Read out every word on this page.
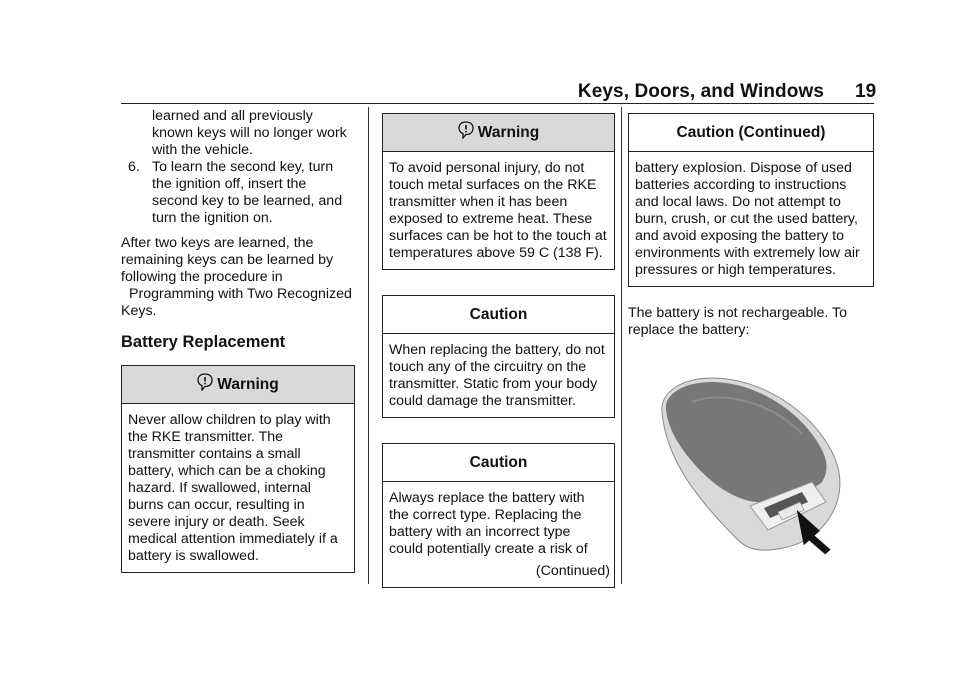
Keys, Doors, and Windows 19
learned and all previously known keys will no longer work with the vehicle.
6. To learn the second key, turn the ignition off, insert the second key to be learned, and turn the ignition on.
After two keys are learned, the remaining keys can be learned by following the procedure in
Programming with Two Recognized Keys.
Battery Replacement
Warning
Never allow children to play with the RKE transmitter. The transmitter contains a small battery, which can be a choking hazard. If swallowed, internal burns can occur, resulting in severe injury or death. Seek medical attention immediately if a battery is swallowed.
Warning
To avoid personal injury, do not touch metal surfaces on the RKE transmitter when it has been exposed to extreme heat. These surfaces can be hot to the touch at temperatures above 59 C (138 F).
Caution
When replacing the battery, do not touch any of the circuitry on the transmitter. Static from your body could damage the transmitter.
Caution
Always replace the battery with the correct type. Replacing the battery with an incorrect type could potentially create a risk of
(Continued)
Caution (Continued)
battery explosion. Dispose of used batteries according to instructions and local laws. Do not attempt to burn, crush, or cut the used battery, and avoid exposing the battery to environments with extremely low air pressures or high temperatures.
The battery is not rechargeable. To replace the battery:
